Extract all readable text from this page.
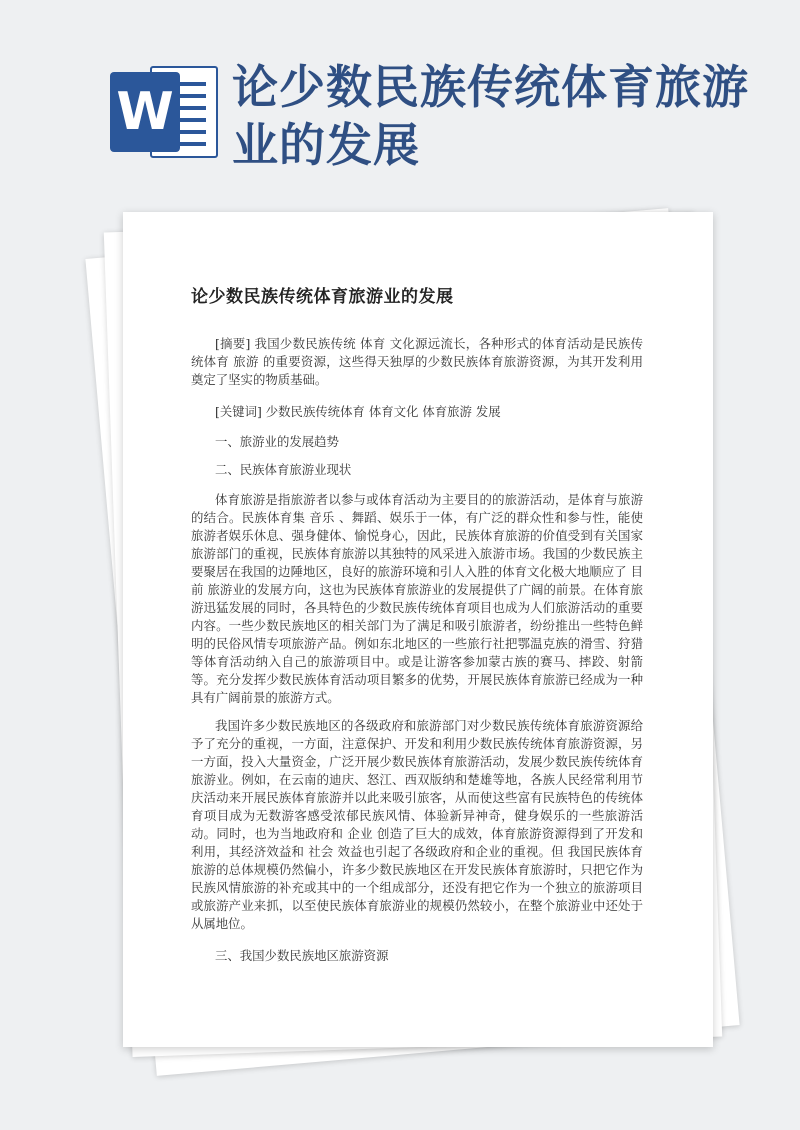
W 论少数民族传统体育旅游业的发展
论少数民族传统体育旅游业的发展
[摘要] 我国少数民族传统 体育 文化源远流长，各种形式的体育活动是民族传统体育 旅游 的重要资源，这些得天独厚的少数民族体育旅游资源，为其开发利用奠定了坚实的物质基础。
[关键词] 少数民族传统体育 体育文化 体育旅游 发展
一、旅游业的发展趋势
二、民族体育旅游业现状
体育旅游是指旅游者以参与或体育活动为主要目的的旅游活动，是体育与旅游的结合。民族体育集 音乐 、舞蹈、娱乐于一体，有广泛的群众性和参与性，能使旅游者娱乐休息、强身健体、愉悦身心，因此，民族体育旅游的价值受到有关国家旅游部门的重视，民族体育旅游以其独特的风采进入旅游市场。我国的少数民族主要聚居在我国的边陲地区，良好的旅游环境和引人入胜的体育文化极大地顺应了 目前 旅游业的发展方向，这也为民族体育旅游业的发展提供了广阔的前景。在体育旅游迅猛发展的同时，各具特色的少数民族传统体育项目也成为人们旅游活动的重要内容。一些少数民族地区的相关部门为了满足和吸引旅游者，纷纷推出一些特色鲜明的民俗风情专项旅游产品。例如东北地区的一些旅行社把鄂温克族的滑雪、狩猎等体育活动纳入自己的旅游项目中。或是让游客参加蒙古族的赛马、摔跤、射箭等。充分发挥少数民族体育活动项目繁多的优势，开展民族体育旅游已经成为一种具有广阔前景的旅游方式。
我国许多少数民族地区的各级政府和旅游部门对少数民族传统体育旅游资源给予了充分的重视，一方面，注意保护、开发和利用少数民族传统体育旅游资源，另一方面，投入大量资金，广泛开展少数民族体育旅游活动，发展少数民族传统体育旅游业。例如，在云南的迪庆、怒江、西双版纳和楚雄等地，各族人民经常利用节庆活动来开展民族体育旅游并以此来吸引旅客，从而使这些富有民族特色的传统体育项目成为无数游客感受浓郁民族风情、体验新异神奇，健身娱乐的一些旅游活动。同时，也为当地政府和 企业 创造了巨大的成效，体育旅游资源得到了开发和利用，其经济效益和 社会 效益也引起了各级政府和企业的重视。但 我国民族体育旅游的总体规模仍然偏小，许多少数民族地区在开发民族体育旅游时，只把它作为民族风情旅游的补充或其中的一个组成部分，还没有把它作为一个独立的旅游项目或旅游产业来抓，以至使民族体育旅游业的规模仍然较小，在整个旅游业中还处于从属地位。
三、我国少数民族地区旅游资源
